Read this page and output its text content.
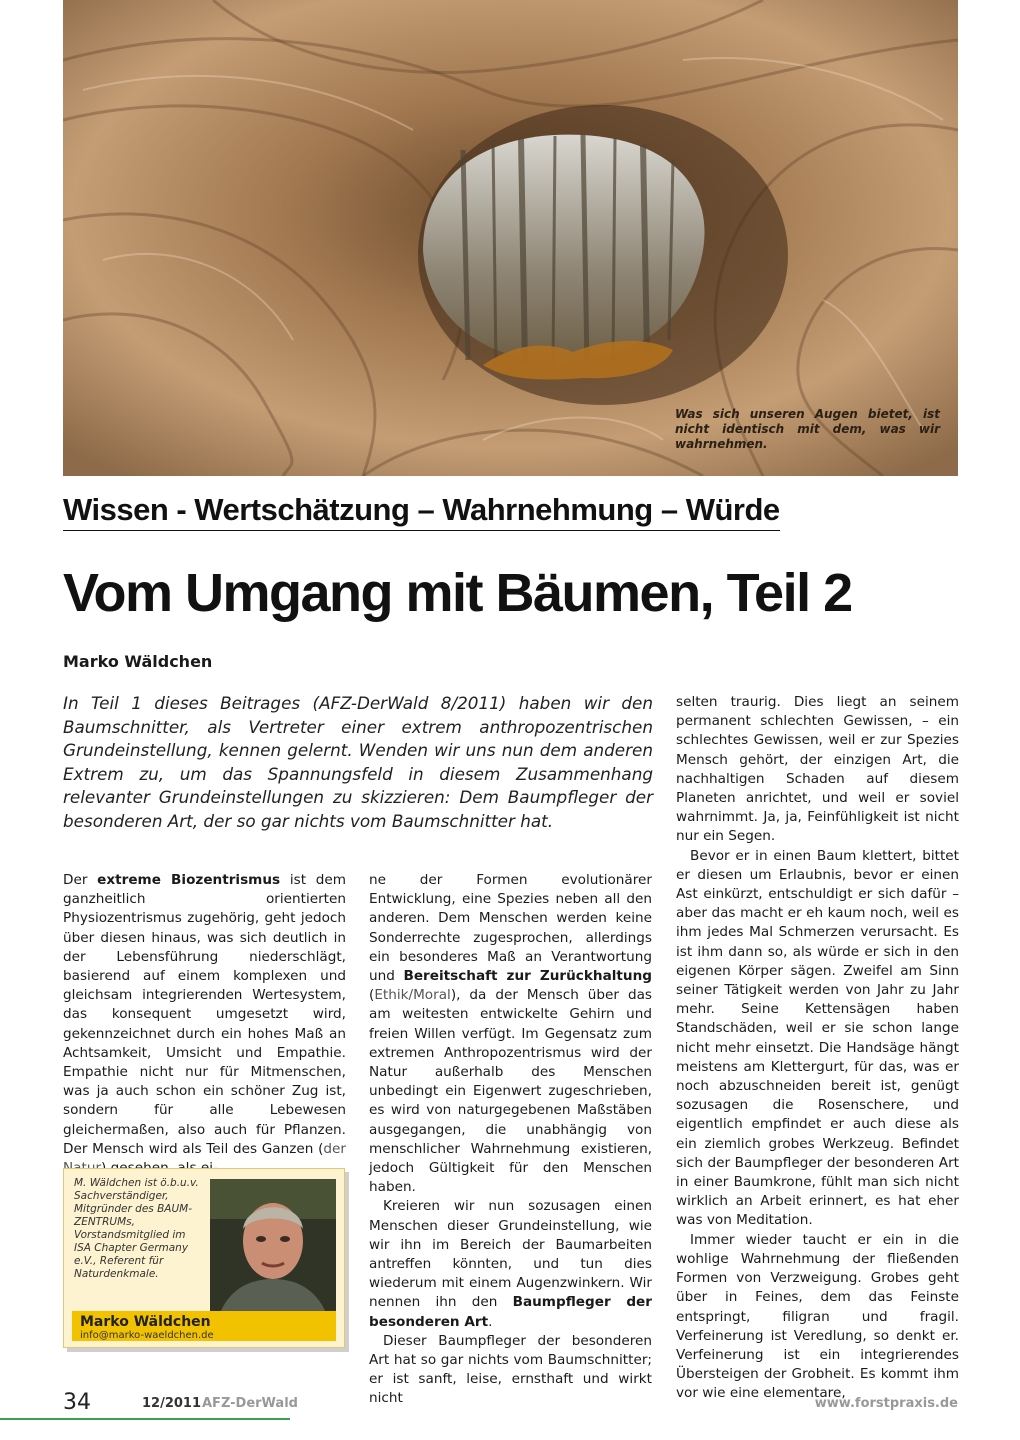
Was sich unseren Augen bietet, ist nicht identisch mit dem, was wir wahrnehmen.
Wissen - Wertschätzung – Wahrnehmung – Würde
Vom Umgang mit Bäumen, Teil 2
Marko Wäldchen
In Teil 1 dieses Beitrages (AFZ-DerWald 8/2011) haben wir den Baumschnitter, als Vertreter einer extrem anthropozentrischen Grundeinstellung, kennen gelernt. Wenden wir uns nun dem anderen Extrem zu, um das Spannungsfeld in diesem Zusammenhang relevanter Grundeinstellungen zu skizzieren: Dem Baumpfleger der besonderen Art, der so gar nichts vom Baumschnitter hat.

Der extreme Biozentrismus ist dem ganzheitlich orientierten Physiozentrismus zugehörig, geht jedoch über diesen hinaus, was sich deutlich in der Lebensführung niederschlägt, basierend auf einem komplexen und gleichsam integrierenden Wertesystem, das konsequent umgesetzt wird, gekennzeichnet durch ein hohes Maß an Achtsamkeit, Umsicht und Empathie. Empathie nicht nur für Mitmenschen, was ja auch schon ein schöner Zug ist, sondern für alle Lebewesen gleichermaßen, also auch für Pflanzen. Der Mensch wird als Teil des Ganzen (der

ne der Formen evolutionärer Entwicklung, eine Spezies neben all den anderen. Dem Menschen werden keine Sonderrechte zugesprochen, allerdings ein besonderes Maß an Verantwortung und Bereitschaft zur Zurückhaltung (Ethik/Moral), da der Mensch über das am weitesten entwickelte Gehirn und freien Willen verfügt. Im Gegensatz zum extremen Anthropozentrismus wird der Natur außerhalb des Menschen unbedingt ein Eigenwert zugeschrieben, es wird von naturgegebenen Maßstäben ausgegangen, die unabhängig von menschlicher Wahrnehmung existieren, jedoch Gültigkeit für den Menschen haben.

Kreieren wir nun sozusagen einen Menschen dieser Grundeinstellung, wie wir ihn im Bereich der Baumarbeiten antreffen könnten, und tun dies wiederum mit einem Augenzwinkern. Wir nennen ihn den Baumpfleger der besonderen Art.

Dieser Baumpfleger der besonderen Art hat so gar nichts vom Baumschnitter; er ist sanft, leise, ernsthaft und wirkt nicht

selten traurig. Dies liegt an seinem permanent schlechten Gewissen, – ein schlechtes Gewissen, weil er zur Spezies Mensch gehört, der einzigen Art, die nachhaltigen Schaden auf diesem Planeten anrichtet, und weil er soviel wahrnimmt. Ja, ja, Feinfühligkeit ist nicht nur ein Segen.

Bevor er in einen Baum klettert, bittet er diesen um Erlaubnis, bevor er einen Ast einkürzt, entschuldigt er sich dafür – aber das macht er eh kaum noch, weil es ihm jedes Mal Schmerzen verursacht. Es ist ihm dann so, als würde er sich in den eigenen Körper sägen. Zweifel am Sinn seiner Tätigkeit werden von Jahr zu Jahr mehr. Seine Kettensägen haben Standschäden, weil er sie schon lange nicht mehr einsetzt. Die Handsäge hängt meistens am Klettergurt, für das, was er noch abzuschneiden bereit ist, genügt sozusagen die Rosenschere, und eigentlich empfindet er auch diese als ein ziemlich grobes Werkzeug. Befindet sich der Baumpfleger der besonderen Art in einer Baumkrone, fühlt man sich nicht wirklich an Arbeit erinnert, es hat eher was von Meditation.

Immer wieder taucht er ein in die wohlige Wahrnehmung der fließenden Formen von Verzweigung. Grobes geht über in Feines, dem das Feinste entspringt, filigran und fragil. Verfeinerung ist Veredlung, so denkt er. Verfeinerung ist ein integrierendes Übersteigen der Grobheit. Es kommt ihm vor wie eine elementare,

M. Wäldchen ist ö.b.u.v. Sachverständiger, Mitgründer des BAUM-ZENTRUMs, Vorstandsmitglied im ISA Chapter Germany e.V., Referent für Naturdenkmale.
Marko Wäldchen
info@marko-waeldchen.de
34	12/2011 AFZ-DerWald	www.forstpraxis.de
